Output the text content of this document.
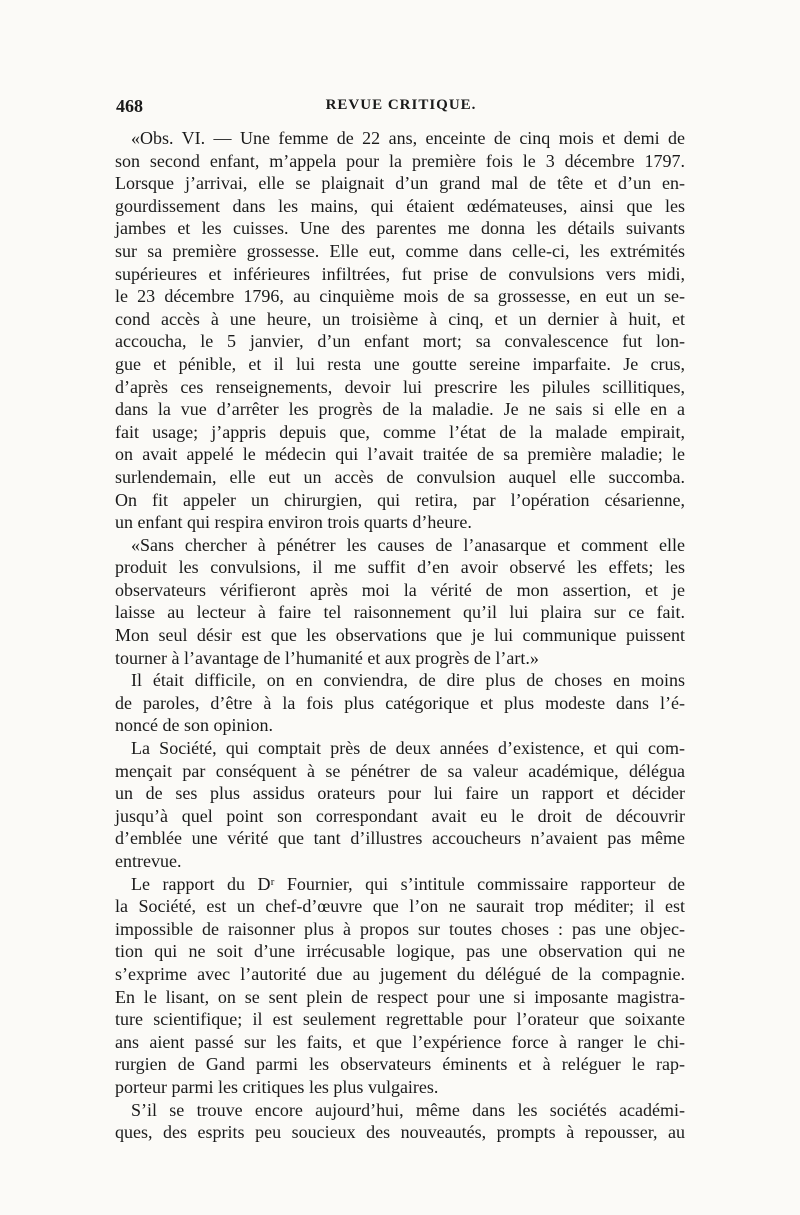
468	REVUE CRITIQUE.
«Obs. VI. — Une femme de 22 ans, enceinte de cinq mois et demi de
son second enfant, m’appela pour la première fois le 3 décembre 1797.
Lorsque j’arrivai, elle se plaignait d’un grand mal de tête et d’un en-
gourdissement dans les mains, qui étaient œdémateuses, ainsi que les
jambes et les cuisses. Une des parentes me donna les détails suivants
sur sa première grossesse. Elle eut, comme dans celle-ci, les extrémités
supérieures et inférieures infiltrées, fut prise de convulsions vers midi,
le 23 décembre 1796, au cinquième mois de sa grossesse, en eut un se-
cond accès à une heure, un troisième à cinq, et un dernier à huit, et
accoucha, le 5 janvier, d’un enfant mort; sa convalescence fut lon-
gue et pénible, et il lui resta une goutte sereine imparfaite. Je crus,
d’après ces renseignements, devoir lui prescrire les pilules scillitiques,
dans la vue d’arrêter les progrès de la maladie. Je ne sais si elle en a
fait usage; j’appris depuis que, comme l’état de la malade empirait,
on avait appelé le médecin qui l’avait traitée de sa première maladie; le
surlendemain, elle eut un accès de convulsion auquel elle succomba.
On fit appeler un chirurgien, qui retira, par l’opération césarienne,
un enfant qui respira environ trois quarts d’heure.
«Sans chercher à pénétrer les causes de l’anasarque et comment elle
produit les convulsions, il me suffit d’en avoir observé les effets; les
observateurs vérifieront après moi la vérité de mon assertion, et je
laisse au lecteur à faire tel raisonnement qu’il lui plaira sur ce fait.
Mon seul désir est que les observations que je lui communique puissent
tourner à l’avantage de l’humanité et aux progrès de l’art.»
Il était difficile, on en conviendra, de dire plus de choses en moins
de paroles, d’être à la fois plus catégorique et plus modeste dans l’é-
noncé de son opinion.
La Société, qui comptait près de deux années d’existence, et qui com-
mençait par conséquent à se pénétrer de sa valeur académique, délégua
un de ses plus assidus orateurs pour lui faire un rapport et décider
jusqu’à quel point son correspondant avait eu le droit de découvrir
d’emblée une vérité que tant d’illustres accoucheurs n’avaient pas même
entrevue.
Le rapport du Dʳ Fournier, qui s’intitule commissaire rapporteur de
la Société, est un chef-d’œuvre que l’on ne saurait trop méditer; il est
impossible de raisonner plus à propos sur toutes choses : pas une objec-
tion qui ne soit d’une irrécusable logique, pas une observation qui ne
s’exprime avec l’autorité due au jugement du délégué de la compagnie.
En le lisant, on se sent plein de respect pour une si imposante magistra-
ture scientifique; il est seulement regrettable pour l’orateur que soixante
ans aient passé sur les faits, et que l’expérience force à ranger le chi-
rurgien de Gand parmi les observateurs éminents et à reléguer le rap-
porteur parmi les critiques les plus vulgaires.
S’il se trouve encore aujourd’hui, même dans les sociétés académi-
ques, des esprits peu soucieux des nouveautés, prompts à repousser, au
